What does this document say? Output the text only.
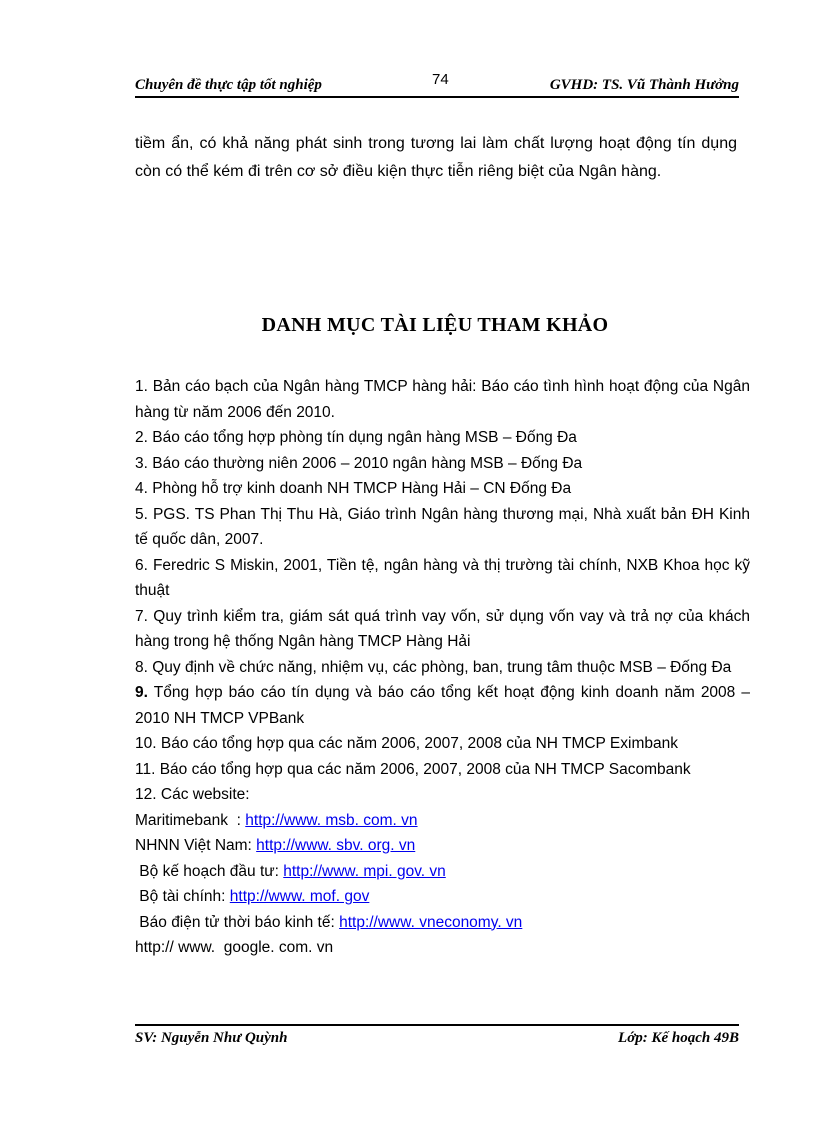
Chuyên đề thực tập tốt nghiệp	74	GVHD: TS. Vũ Thành Hưởng
tiềm ẩn, có khả năng phát sinh trong tương lai làm chất lượng hoạt động tín dụng còn có thể kém đi trên cơ sở điều kiện thực tiễn riêng biệt của Ngân hàng.
DANH MỤC TÀI LIỆU THAM KHẢO
1. Bản cáo bạch của Ngân hàng TMCP hàng hải: Báo cáo tình hình hoạt động của Ngân hàng từ năm 2006 đến 2010.
2. Báo cáo tổng hợp phòng tín dụng ngân hàng MSB – Đống Đa
3. Báo cáo thường niên 2006 – 2010 ngân hàng MSB – Đống Đa
4. Phòng hỗ trợ kinh doanh NH TMCP Hàng Hải – CN Đống Đa
5. PGS. TS Phan Thị Thu Hà, Giáo trình Ngân hàng thương mại, Nhà xuất bản ĐH Kinh tế quốc dân, 2007.
6. Feredric S Miskin, 2001, Tiền tệ, ngân hàng và thị trường tài chính, NXB Khoa học kỹ thuật
7. Quy trình kiểm tra, giám sát quá trình vay vốn, sử dụng vốn vay và trả nợ của khách hàng trong hệ thống Ngân hàng TMCP Hàng Hải
8. Quy định về chức năng, nhiệm vụ, các phòng, ban, trung tâm thuộc MSB – Đống Đa
9. Tổng hợp báo cáo tín dụng và báo cáo tổng kết hoạt động kinh doanh năm 2008 – 2010 NH TMCP VPBank
10. Báo cáo tổng hợp qua các năm 2006, 2007, 2008 của NH TMCP Eximbank
11. Báo cáo tổng hợp qua các năm 2006, 2007, 2008 của NH TMCP Sacombank
12. Các website:
Maritimebank  : http://www. msb. com. vn
NHNN Việt Nam: http://www. sbv. org. vn
Bộ kế hoạch đầu tư: http://www. mpi. gov. vn
Bộ tài chính: http://www. mof. gov
Báo điện tử thời báo kinh tế: http://www. vneconomy. vn
http:// www.  google. com. vn
SV: Nguyễn Như Quỳnh	Lớp: Kế hoạch 49B
